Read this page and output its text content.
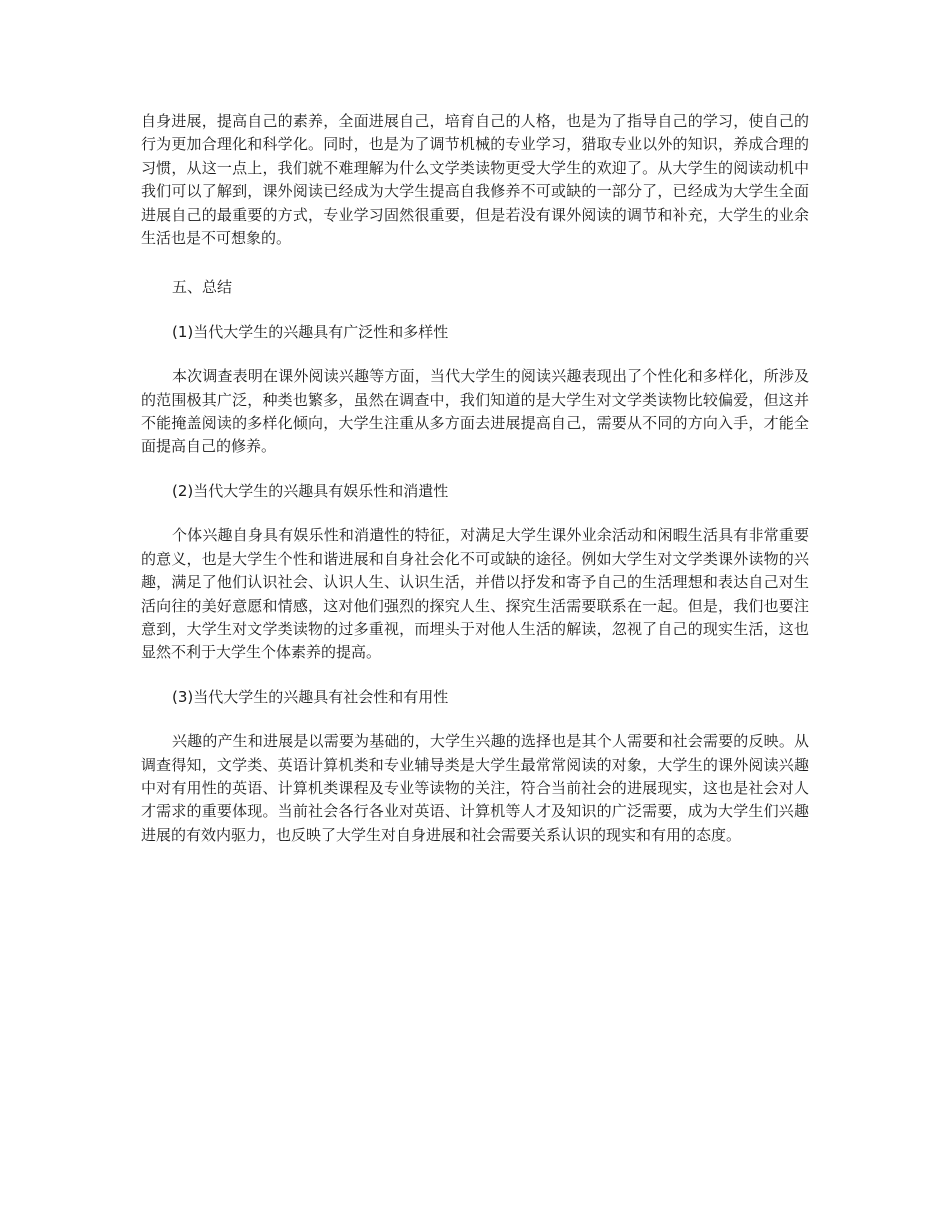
自身进展，提高自己的素养，全面进展自己，培育自己的人格，也是为了指导自己的学习，使自己的行为更加合理化和科学化。同时，也是为了调节机械的专业学习，猎取专业以外的知识，养成合理的习惯，从这一点上，我们就不难理解为什么文学类读物更受大学生的欢迎了。从大学生的阅读动机中我们可以了解到，课外阅读已经成为大学生提高自我修养不可或缺的一部分了，已经成为大学生全面进展自己的最重要的方式，专业学习固然很重要，但是若没有课外阅读的调节和补充，大学生的业余生活也是不可想象的。

五、总结
(1)当代大学生的兴趣具有广泛性和多样性

本次调查表明在课外阅读兴趣等方面，当代大学生的阅读兴趣表现出了个性化和多样化，所涉及的范围极其广泛，种类也繁多，虽然在调查中，我们知道的是大学生对文学类读物比较偏爱，但这并不能掩盖阅读的多样化倾向，大学生注重从多方面去进展提高自己，需要从不同的方向入手，才能全面提高自己的修养。

(2)当代大学生的兴趣具有娱乐性和消遣性

个体兴趣自身具有娱乐性和消遣性的特征，对满足大学生课外业余活动和闲暇生活具有非常重要的意义，也是大学生个性和谐进展和自身社会化不可或缺的途径。例如大学生对文学类课外读物的兴趣，满足了他们认识社会、认识人生、认识生活，并借以抒发和寄予自己的生活理想和表达自己对生活向往的美好意愿和情感，这对他们强烈的探究人生、探究生活需要联系在一起。但是，我们也要注意到，大学生对文学类读物的过多重视，而埋头于对他人生活的解读，忽视了自己的现实生活，这也显然不利于大学生个体素养的提高。

(3)当代大学生的兴趣具有社会性和有用性

兴趣的产生和进展是以需要为基础的，大学生兴趣的选择也是其个人需要和社会需要的反映。从调查得知，文学类、英语计算机类和专业辅导类是大学生最常常阅读的对象，大学生的课外阅读兴趣中对有用性的英语、计算机类课程及专业等读物的关注，符合当前社会的进展现实，这也是社会对人才需求的重要体现。当前社会各行各业对英语、计算机等人才及知识的广泛需要，成为大学生们兴趣进展的有效内驱力，也反映了大学生对自身进展和社会需要关系认识的现实和有用的态度。
